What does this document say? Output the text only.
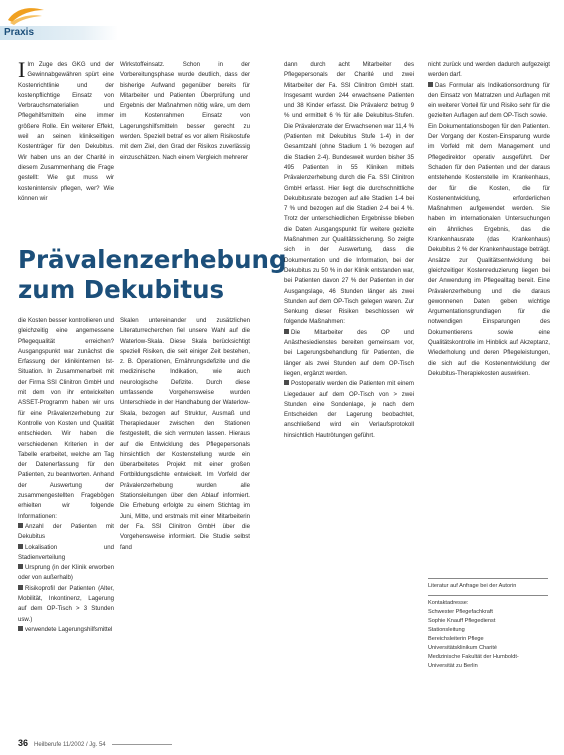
Praxis

I Im Zuge des GKG und der Gewinnabgewähren spürt eine Kostenrichtlinie und der kostenpflichtige Einsatz von Verbrauchsmaterialien und Pflegehilfsmitteln eine immer größere Rolle. Ein weiterer Effekt, weil an seinen klinikseitigen Kostenträger für den Dekubitus. Wir haben uns an der Charité in diesem Zusammenhang die Frage gestellt: Wie gut muss wir kostenintensiv pflegen, wer? Wie können wir

Wirkstoffeinsatz. Schon in der Vorbereitungsphase wurde deutlich, dass der bisherige Aufwand gegenüber bereits für Mitarbeiter und Patienten Überprüfung und Ergebnis der Maßnahmen nötig wäre, um dem im Kostenrahmen Einsatz von Lagerungshilfsmitteln besser gerecht zu werden. Speziell betraf es vor allem Risikostufe mit dem Ziel, den Grad der Risikos zuverlässig einzuschätzen. Nach einem Vergleich mehrerer

Prävalenzerhebung
zum Dekubitus

die Kosten besser kontrollieren und gleichzeitig eine angemessene Pflegequalität erreichen? Ausgangspunkt war zunächst die Erfassung der klinikinternen Ist-Situation. In Zusammenarbeit mit der Firma SSI Clinitron GmbH und mit dem von ihr entwickelten ASSET-Programm haben wir uns für eine Prävalenzerhebung zur Kontrolle von Kosten und Qualität entschieden. Wir haben die verschiedenen Kriterien in der Tabelle erarbeitet, welche am Tag der Datenerfassung für den Patienten, zu beantworten. Anhand der Auswertung der zusammengestellten Fragebögen erhielten wir folgende Informationen:

Anzahl der Patienten mit Dekubitus

Lokalisation und Stadienverteilung

Ursprung (in der Klinik erworben oder von außerhalb)

Risikoprofil der Patienten (Alter, Mobilität, Inkontinenz, Lagerung auf dem OP-Tisch > 3 Stunden usw.)

verwendete Lagerungshilfsmittel

Skalen untereinander und zusätzlichen Literaturrecherchen fiel unsere Wahl auf die Waterlow-Skala. Diese Skala berücksichtigt speziell Risiken, die seit einiger Zeit bestehen, z. B. Operationen, Ernährungsdefizite und die medizinische Indikation, wie auch neurologische Defizite. Durch diese umfassende Vorgehensweise wurden Unterschiede in der Handhabung der Waterlow-Skala, bezogen auf Struktur, Ausmaß und Therapiedauer zwischen den Stationen festgestellt, die sich vermuten lassen. Hieraus auf die Entwicklung des Pflegepersonals hinsichtlich der Kostenstellung wurde ein überarbeitetes Projekt mit einer großen Fortbildungsdichte entwickelt. Im Vorfeld der Prävalenzerhebung wurden alle Stationsleitungen über den Ablauf informiert. Die Erhebung erfolgte zu einem Stichtag im Juni, Mitte, und erstmals mit einer Mitarbeiterin der Fa. SSI Clinitron GmbH über die Vorgehensweise informiert. Die Studie selbst fand

dann durch acht Mitarbeiter des Pflegepersonals der Charité und zwei Mitarbeiter der Fa. SSI Clinitron GmbH statt. Insgesamt wurden 244 erwachsene Patienten und 38 Kinder erfasst. Die Prävalenz betrug 9 % und ermittelt 6 % für alle Dekubitus-Stufen. Die Prävalenzrate der Erwachsenen war 11,4 % (Patienten mit Dekubitus Stufe 1-4) in der Gesamtzahl (ohne Stadium 1 % bezogen auf die Stadien 2-4). Bundesweit wurden bisher 35 495 Patienten in 55 Kliniken mittels Prävalenzerhebung durch die Fa. SSI Clinitron GmbH erfasst. Hier liegt die durchschnittliche Dekubitusrate bezogen auf alle Stadien 1-4 bei 7 % und bezogen auf die Stadien 2-4 bei 4 %. Trotz der unterschiedlichen Ergebnisse blieben die Daten Ausgangspunkt für weitere gezielte Maßnahmen zur Qualitätssicherung. So zeigte sich in der Auswertung, dass die Dokumentation und die Information, bei der Dekubitus zu 50 % in der Klinik entstanden war, bei Patienten davon 27 % der Patienten in der Ausgangslage, 46 Stunden länger als zwei Stunden auf dem OP-Tisch gelegen waren. Zur Senkung dieser Risiken beschlossen wir folgende Maßnahmen:

Die Mitarbeiter des OP und Anästhesiedienstes bereiten gemeinsam vor, bei Lagerungsbehandlung für Patienten, die länger als zwei Stunden auf dem OP-Tisch liegen, ergänzt werden.

Postoperativ werden die Patienten mit einem Liegedauer auf dem OP-Tisch von > zwei Stunden eine Sondenlage, je nach dem Entscheiden der Lagerung beobachtet, anschließend wird ein Verlaufsprotokoll hinsichtlich Hautrötungen geführt.

nicht zurück und werden dadurch aufgezeigt werden darf.

Das Formular als Indikationsordnung für den Einsatz von Matratzen und Auflagen mit ein weiterer Vorteil für und Risiko sehr für die gezielten Auflagen auf dem OP-Tisch sowie.

Ein Dokumentationsbogen für den Patienten. Der Vorgang der Kosten-Einsparung wurde im Vorfeld mit dem Management und Pflegedirektor operativ ausgeführt. Der Schaden für den Patienten und der daraus entstehende Kostenstelle im Krankenhaus, der für die Kosten, die für Kostenentwicklung, erforderlichen Maßnahmen aufgewendet werden. Sie haben im internationalen Untersuchungen ein ähnliches Ergebnis, das die Krankenhausrate (das Krankenhaus) Dekubitus 2 % der Krankenhaustage beträgt. Ansätze zur Qualitätsentwicklung bei gleichzeitiger Kostenreduzierung liegen bei der Anwendung im Pflegealltag bereit. Eine Prävalenzerhebung und die daraus gewonnenen Daten geben wichtige Argumentationsgrundlagen für die notwendigen Einsparungen des Dokumentierens sowie eine Qualitätskontrolle im Hinblick auf Akzeptanz, Wiederholung und deren Pflegeleistungen, die sich auf die Kostenentwicklung der Dekubitus-Therapiekosten auswirken.

Literatur auf Anfrage bei der Autorin
Kontaktadresse:
Schwester Pflegefachkraft
Sophie Knauff Pflegedienst
Stationsleitung
Bereichsleiterin Pflege
Universitätsklinikum Charité
Medizinische Fakultät der Humboldt-
Universität zu Berlin
36 Heilberufe 11/2002 / Jg. 54
